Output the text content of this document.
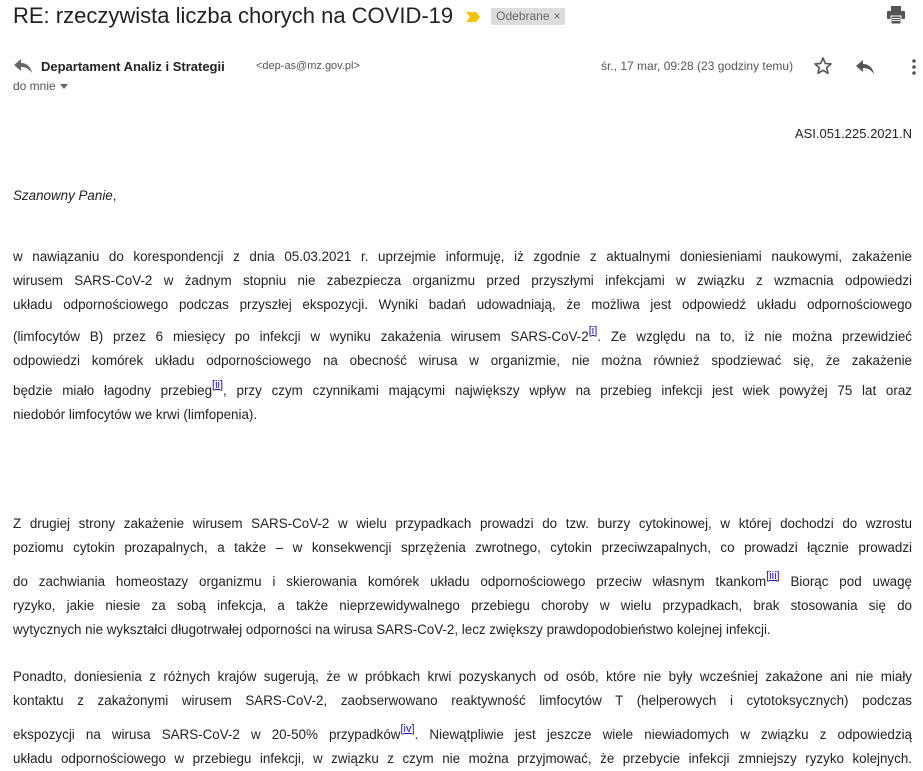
RE: rzeczywista liczba chorych na COVID-19	Odebrane ×
Departament Analiz i Strategii	<dep-as@mz.gov.pl>	śr., 17 mar, 09:28 (23 godziny temu)
do mnie
ASI.051.225.2021.N
Szanowny Panie,
w nawiązaniu do korespondencji z dnia 05.03.2021 r. uprzejmie informuję, iż zgodnie z aktualnymi doniesieniami naukowymi, zakażenie
wirusem SARS-CoV-2 w żadnym stopniu nie zabezpiecza organizmu przed przyszłymi infekcjami w związku z wzmacnia odpowiedzi
układu odpornościowego podczas przyszłej ekspozycji. Wyniki badań udowadniają, że możliwa jest odpowiedź układu odpornościowego
(limfocytów B) przez 6 miesięcy po infekcji w wyniku zakażenia wirusem SARS-CoV-2[i]. Ze względu na to, iż nie można przewidzieć
odpowiedzi komórek układu odpornościowego na obecność wirusa w organizmie, nie można również spodziewać się, że zakażenie
będzie miało łagodny przebieg[ii], przy czym czynnikami mającymi największy wpływ na przebieg infekcji jest wiek powyżej 75 lat oraz
niedobór limfocytów we krwi (limfopenia).
Z drugiej strony zakażenie wirusem SARS-CoV-2 w wielu przypadkach prowadzi do tzw. burzy cytokinowej, w której dochodzi do wzrostu
poziomu cytokin prozapalnych, a także – w konsekwencji sprzężenia zwrotnego, cytokin przeciwzapalnych, co prowadzi łącznie prowadzi
do zachwiania homeostazy organizmu i skierowania komórek układu odpornościowego przeciw własnym tkankom[iii] Biorąc pod uwagę
ryzyko, jakie niesie za sobą infekcja, a także nieprzewidywalnego przebiegu choroby w wielu przypadkach, brak stosowania się do
wytycznych nie wykształci długotrwałej odporności na wirusa SARS-CoV-2, lecz zwiększy prawdopodobieństwo kolejnej infekcji.
Ponadto, doniesienia z różnych krajów sugerują, że w próbkach krwi pozyskanych od osób, które nie były wcześniej zakażone ani nie miały
kontaktu z zakażonymi wirusem SARS-CoV-2, zaobserwowano reaktywność limfocytów T (helperowych i cytotoksycznych) podczas
ekspozycji na wirusa SARS-CoV-2 w 20-50% przypadków[iv]. Niewątpliwie jest jeszcze wiele niewiadomych w związku z odpowiedzią
układu odpornościowego w przebiegu infekcji, w związku z czym nie można przyjmować, że przebycie infekcji zmniejszy ryzyko kolejnych.
